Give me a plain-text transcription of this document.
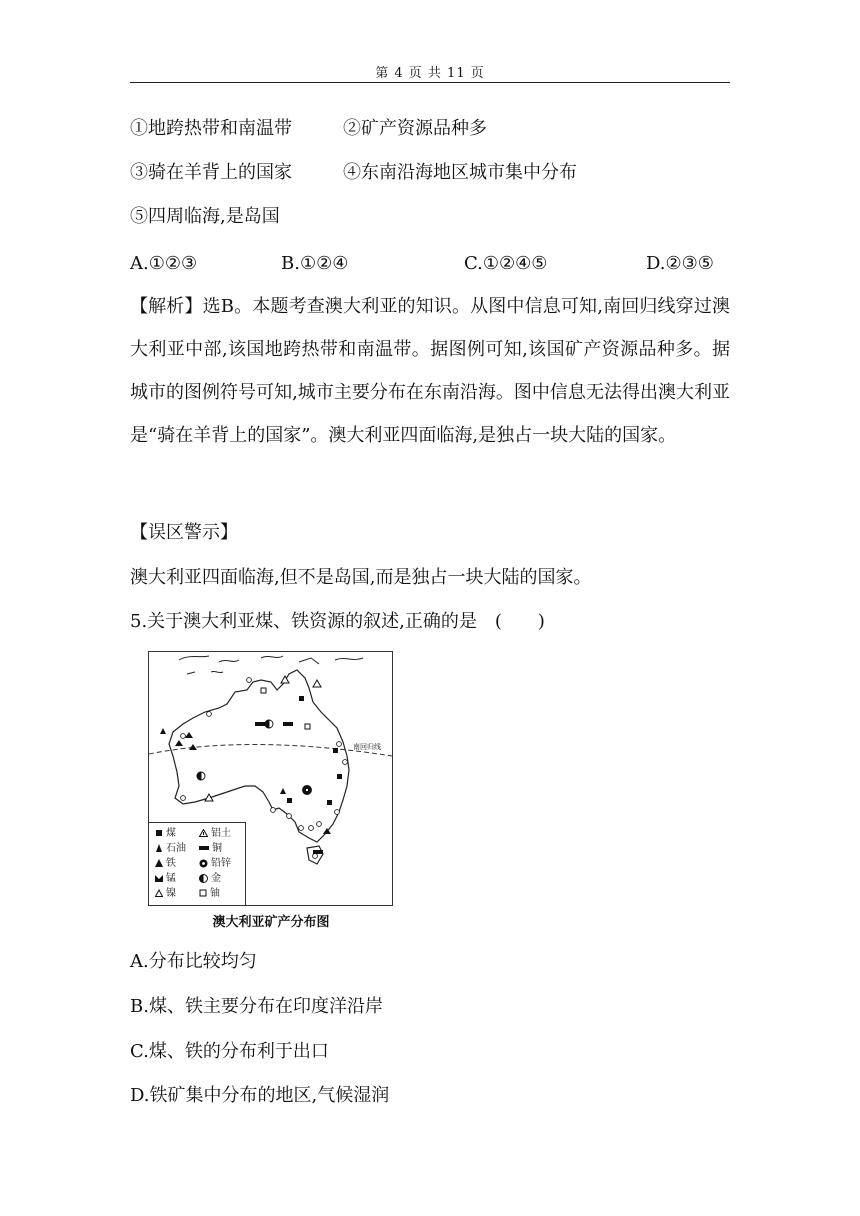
第 4 页 共 11 页
①地跨热带和南温带	②矿产资源品种多
③骑在羊背上的国家	④东南沿海地区城市集中分布
⑤四周临海,是岛国
A.①②③	B.①②④	C.①②④⑤	D.②③⑤
【解析】选B。本题考查澳大利亚的知识。从图中信息可知,南回归线穿过澳大利亚中部,该国地跨热带和南温带。据图例可知,该国矿产资源品种多。据城市的图例符号可知,城市主要分布在东南沿海。图中信息无法得出澳大利亚是“骑在羊背上的国家”。澳大利亚四面临海,是独占一块大陆的国家。
【误区警示】
澳大利亚四面临海,但不是岛国,而是独占一块大陆的国家。
5.关于澳大利亚煤、铁资源的叙述,正确的是　(　　)
南回归线
煤
石油
铁
锰
镍
铝土
铜
铅锌
金
铀
澳大利亚矿产分布图
A.分布比较均匀
B.煤、铁主要分布在印度洋沿岸
C.煤、铁的分布利于出口
D.铁矿集中分布的地区,气候湿润
